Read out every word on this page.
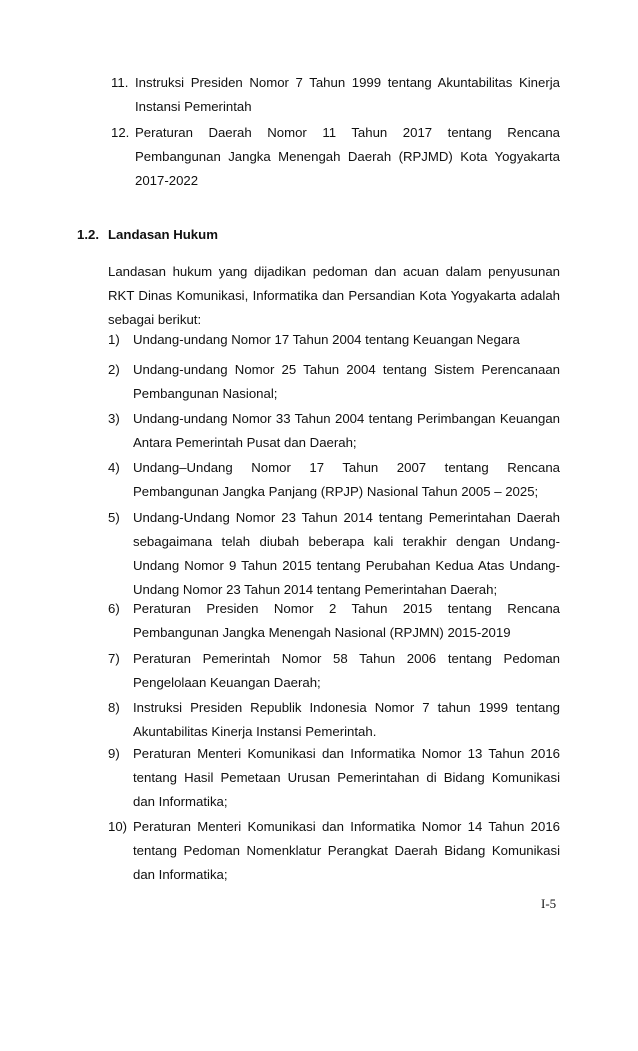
11. Instruksi Presiden Nomor 7 Tahun 1999 tentang Akuntabilitas Kinerja Instansi Pemerintah
12. Peraturan Daerah Nomor 11 Tahun 2017 tentang Rencana Pembangunan Jangka Menengah Daerah (RPJMD) Kota Yogyakarta 2017-2022
1.2. Landasan Hukum
Landasan hukum yang dijadikan pedoman dan acuan dalam penyusunan RKT Dinas Komunikasi, Informatika dan Persandian Kota Yogyakarta adalah sebagai berikut:
1)	Undang-undang Nomor 17 Tahun 2004 tentang Keuangan Negara
2)	Undang-undang Nomor 25 Tahun 2004 tentang Sistem Perencanaan Pembangunan Nasional;
3)	Undang-undang Nomor 33 Tahun 2004 tentang Perimbangan Keuangan Antara Pemerintah Pusat dan Daerah;
4)	Undang–Undang Nomor 17 Tahun 2007 tentang Rencana Pembangunan Jangka Panjang (RPJP) Nasional Tahun 2005 – 2025;
5)	Undang-Undang Nomor 23 Tahun 2014 tentang Pemerintahan Daerah sebagaimana telah diubah beberapa kali terakhir dengan Undang-Undang Nomor 9 Tahun 2015 tentang Perubahan Kedua Atas Undang-Undang Nomor 23 Tahun 2014 tentang Pemerintahan Daerah;
6)	Peraturan Presiden Nomor 2 Tahun 2015 tentang Rencana Pembangunan Jangka Menengah Nasional (RPJMN) 2015-2019
7)	Peraturan Pemerintah Nomor 58 Tahun 2006 tentang Pedoman Pengelolaan Keuangan Daerah;
8)	Instruksi Presiden Republik Indonesia Nomor 7 tahun 1999 tentang Akuntabilitas Kinerja Instansi Pemerintah.
9)	Peraturan Menteri Komunikasi dan Informatika Nomor 13 Tahun 2016 tentang Hasil Pemetaan Urusan Pemerintahan di Bidang Komunikasi dan Informatika;
10) Peraturan Menteri Komunikasi dan Informatika Nomor 14 Tahun 2016 tentang Pedoman Nomenklatur Perangkat Daerah Bidang Komunikasi dan Informatika;
I-5
